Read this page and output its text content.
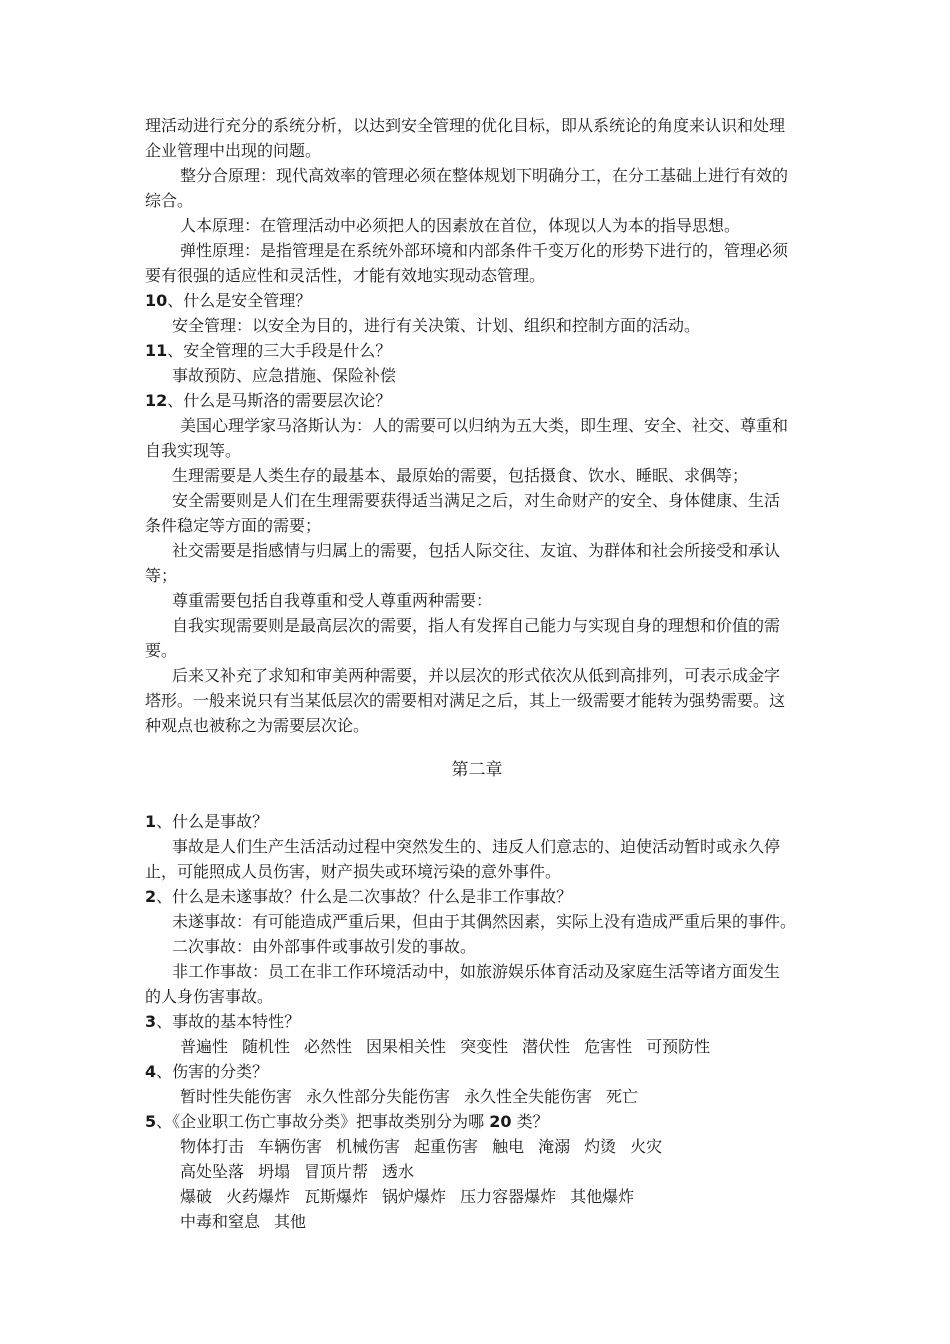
理活动进行充分的系统分析，以达到安全管理的优化目标，即从系统论的角度来认识和处理
企业管理中出现的问题。
整分合原理：现代高效率的管理必须在整体规划下明确分工，在分工基础上进行有效的
综合。
人本原理：在管理活动中必须把人的因素放在首位，体现以人为本的指导思想。
弹性原理：是指管理是在系统外部环境和内部条件千变万化的形势下进行的，管理必须
要有很强的适应性和灵活性，才能有效地实现动态管理。
10、什么是安全管理？
安全管理：以安全为目的，进行有关决策、计划、组织和控制方面的活动。
11、安全管理的三大手段是什么？
事故预防、应急措施、保险补偿
12、什么是马斯洛的需要层次论？
美国心理学家马洛斯认为：人的需要可以归纳为五大类，即生理、安全、社交、尊重和
自我实现等。
生理需要是人类生存的最基本、最原始的需要，包括摄食、饮水、睡眠、求偶等；
安全需要则是人们在生理需要获得适当满足之后，对生命财产的安全、身体健康、生活
条件稳定等方面的需要；
社交需要是指感情与归属上的需要，包括人际交往、友谊、为群体和社会所接受和承认
等；
尊重需要包括自我尊重和受人尊重两种需要：
自我实现需要则是最高层次的需要，指人有发挥自己能力与实现自身的理想和价值的需
要。
后来又补充了求知和审美两种需要，并以层次的形式依次从低到高排列，可表示成金字
塔形。一般来说只有当某低层次的需要相对满足之后，其上一级需要才能转为强势需要。这
种观点也被称之为需要层次论。
第二章
1、什么是事故？
事故是人们生产生活活动过程中突然发生的、违反人们意志的、迫使活动暂时或永久停
止，可能照成人员伤害，财产损失或环境污染的意外事件。
2、什么是未遂事故？什么是二次事故？什么是非工作事故？
未遂事故：有可能造成严重后果，但由于其偶然因素，实际上没有造成严重后果的事件。
二次事故：由外部事件或事故引发的事故。
非工作事故：员工在非工作环境活动中，如旅游娱乐体育活动及家庭生活等诸方面发生
的人身伤害事故。
3、事故的基本特性？
普遍性 随机性 必然性 因果相关性 突变性 潜伏性 危害性 可预防性
4、伤害的分类？
暂时性失能伤害 永久性部分失能伤害 永久性全失能伤害 死亡
5、《企业职工伤亡事故分类》把事故类别分为哪 20 类？
物体打击 车辆伤害 机械伤害 起重伤害 触电 淹溺 灼烫 火灾
高处坠落 坍塌 冒顶片帮 透水
爆破 火药爆炸 瓦斯爆炸 锅炉爆炸 压力容器爆炸 其他爆炸
中毒和窒息 其他
